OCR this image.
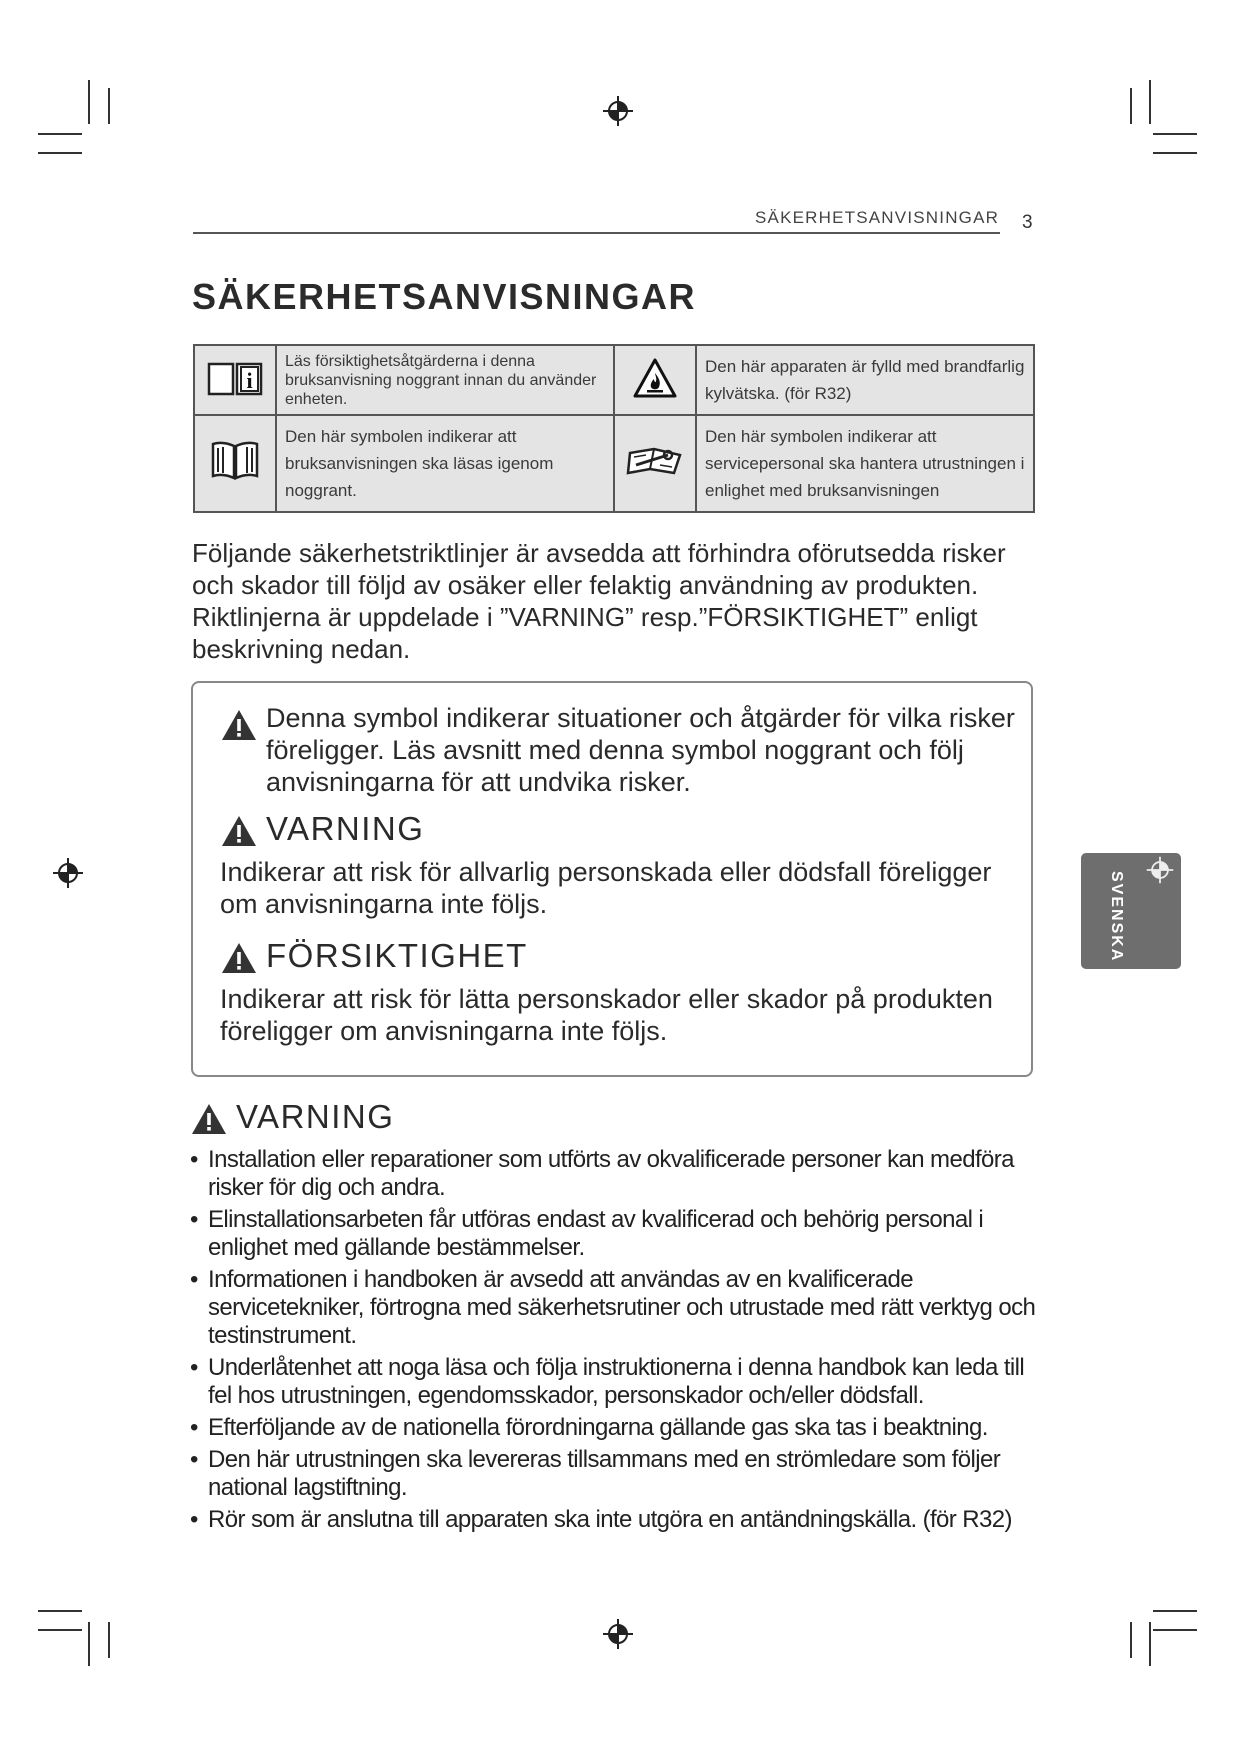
SÄKERHETSANVISNINGAR 3
SÄKERHETSANVISNINGAR
i	Läs försiktighetsåtgärderna i denna bruksanvisning noggrant innan du använder enheten.		Den här apparaten är fylld med brandfarlig kylvätska. (för R32)
	Den här symbolen indikerar att bruksanvisningen ska läsas igenom noggrant.		Den här symbolen indikerar att servicepersonal ska hantera utrustningen i enlighet med bruksanvisningen

Följande säkerhetstriktlinjer är avsedda att förhindra oförutsedda risker och skador till följd av osäker eller felaktig användning av produkten. Riktlinjerna är uppdelade i ”VARNING” resp.”FÖRSIKTIGHET” enligt beskrivning nedan.

Denna symbol indikerar situationer och åtgärder för vilka risker föreligger. Läs avsnitt med denna symbol noggrant och följ anvisningarna för att undvika risker.
VARNING
Indikerar att risk för allvarlig personskada eller dödsfall föreligger om anvisningarna inte följs.
FÖRSIKTIGHET
Indikerar att risk för lätta personskador eller skador på produkten föreligger om anvisningarna inte följs.
VARNING
• Installation eller reparationer som utförts av okvalificerade personer kan medföra risker för dig och andra.
• Elinstallationsarbeten får utföras endast av kvalificerad och behörig personal i enlighet med gällande bestämmelser.
• Informationen i handboken är avsedd att användas av en kvalificerade servicetekniker, förtrogna med säkerhetsrutiner och utrustade med rätt verktyg och testinstrument.
• Underlåtenhet att noga läsa och följa instruktionerna i denna handbok kan leda till fel hos utrustningen, egendomsskador, personskador och/eller dödsfall.
• Efterföljande av de nationella förordningarna gällande gas ska tas i beaktning.
• Den här utrustningen ska levereras tillsammans med en strömledare som följer national lagstiftning.
• Rör som är anslutna till apparaten ska inte utgöra en antändningskälla. (för R32)
SVENSKA
